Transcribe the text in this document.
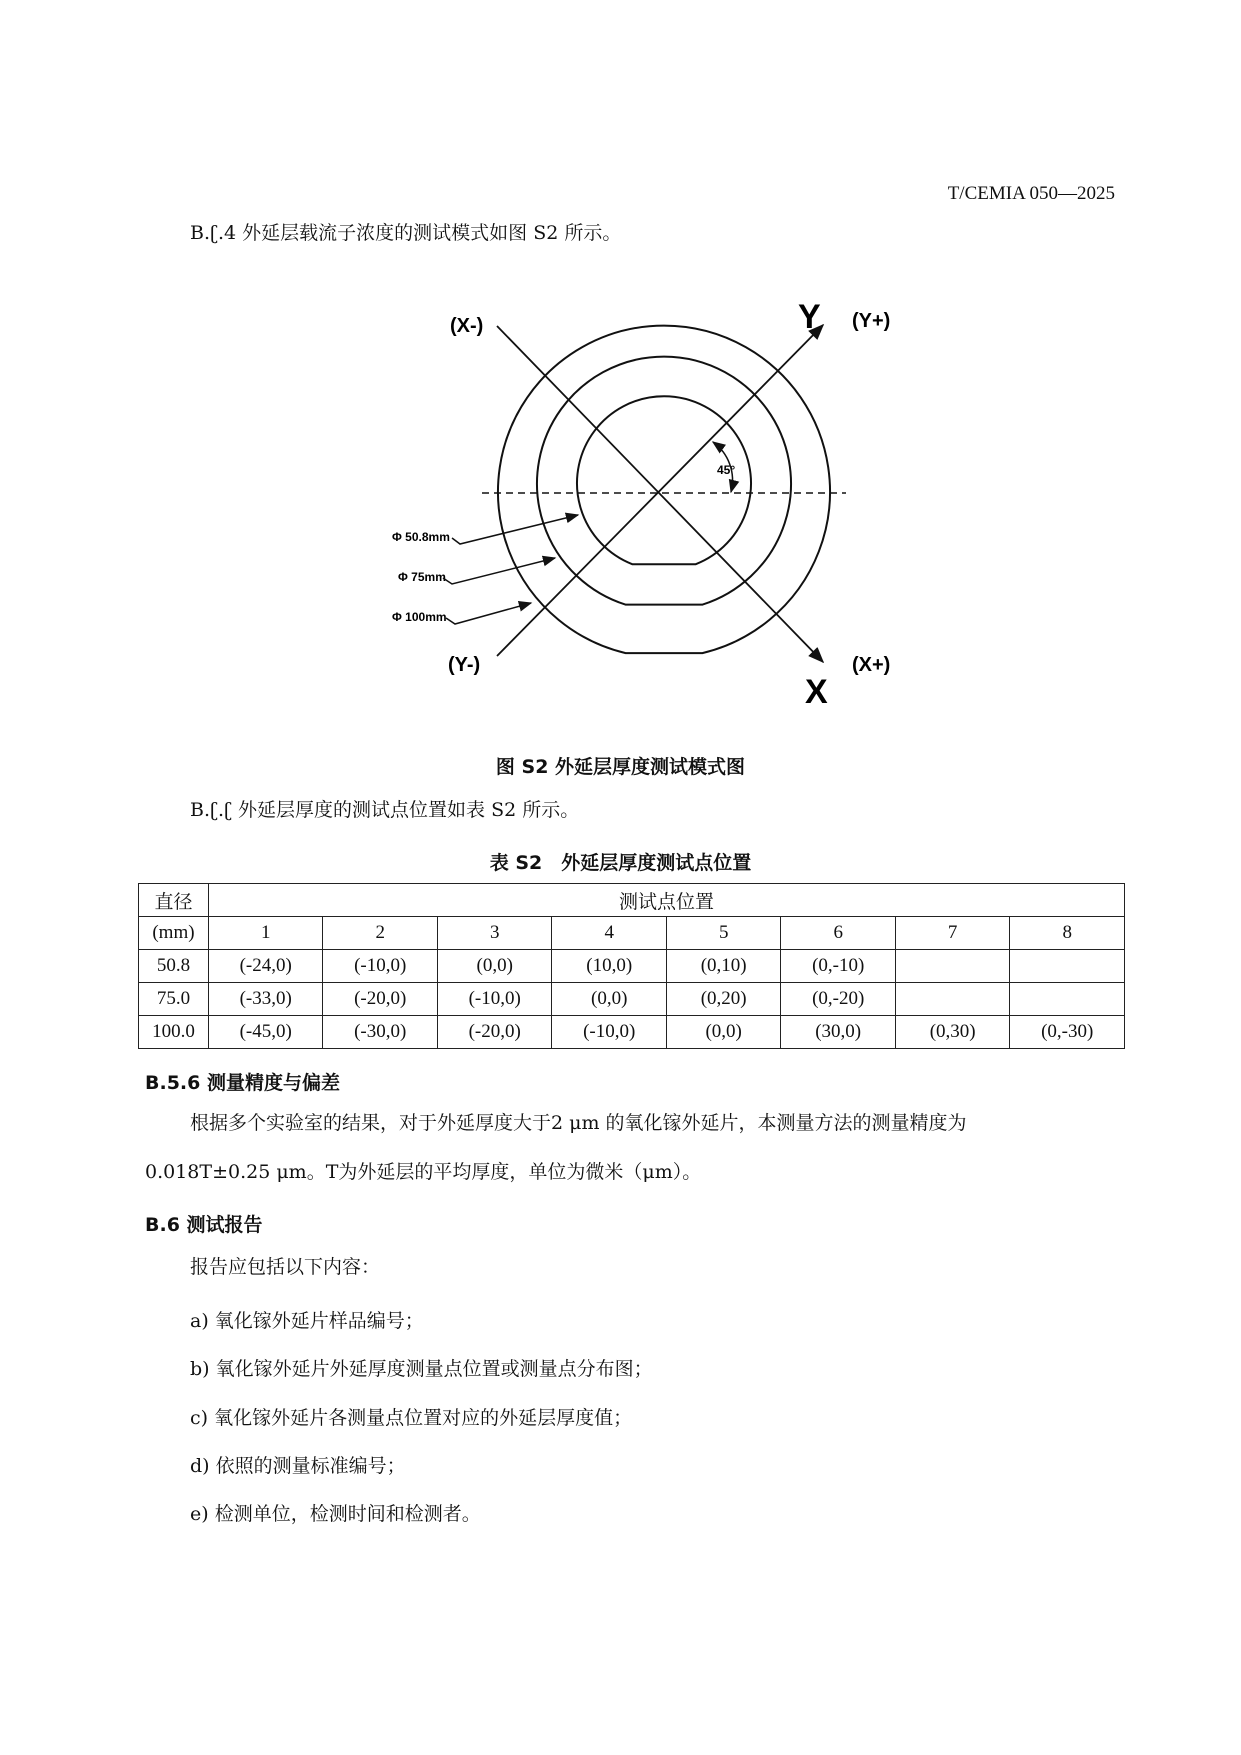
T/CEMIA 050—2025
B.ʗ.4 外延层载流子浓度的测试模式如图 S2 所示。
45°
(X-)	Y (Y+)
(Y-)
X
(X+)
Φ 50.8mm
Φ 75mm
Φ 100mm
图 S2 外延层厚度测试模式图
B.ʗ.ʗ 外延层厚度的测试点位置如表 S2 所示。
表 S2　外延层厚度测试点位置
直径	测试点位置							
(mm)	1	2	3	4	5	6	7	8
50.8	(-24,0)	(-10,0)	(0,0)	(10,0)	(0,10)	(0,-10)		
75.0	(-33,0)	(-20,0)	(-10,0)	(0,0)	(0,20)	(0,-20)		
100.0	(-45,0)	(-30,0)	(-20,0)	(-10,0)	(0,0)	(30,0)	(0,30)	(0,-30)
B.5.6 测量精度与偏差
根据多个实验室的结果，对于外延厚度大于2 μm 的氧化镓外延片，本测量方法的测量精度为
0.018T±0.25 μm。T为外延层的平均厚度，单位为微米（μm）。
B.6 测试报告
报告应包括以下内容：
a) 氧化镓外延片样品编号；
b) 氧化镓外延片外延厚度测量点位置或测量点分布图；
c) 氧化镓外延片各测量点位置对应的外延层厚度值；
d) 依照的测量标准编号；
e) 检测单位，检测时间和检测者。
